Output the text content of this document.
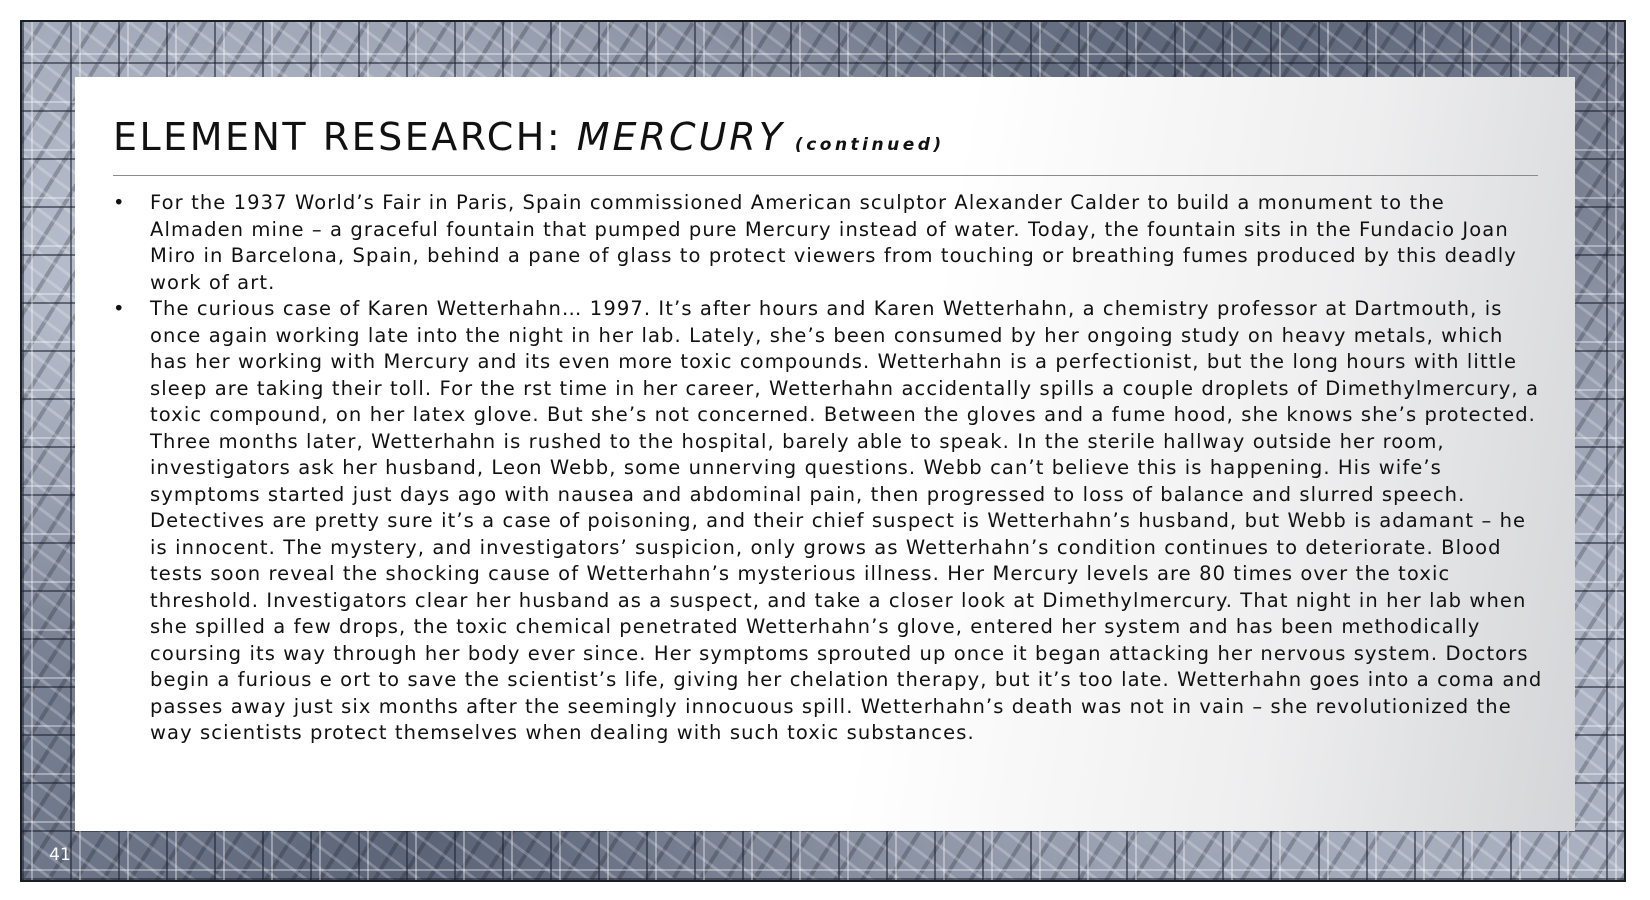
ELEMENT RESEARCH: MERCURY (continued)
•	For the 1937 World’s Fair in Paris, Spain commissioned American sculptor Alexander Calder to build a monument to the Almaden mine – a graceful fountain that pumped pure Mercury instead of water. Today, the fountain sits in the Fundacio Joan Miro in Barcelona, Spain, behind a pane of glass to protect viewers from touching or breathing fumes produced by this deadly work of art.
•	The curious case of Karen Wetterhahn… 1997. It’s after hours and Karen Wetterhahn, a chemistry professor at Dartmouth, is once again working late into the night in her lab. Lately, she’s been consumed by her ongoing study on heavy metals, which has her working with Mercury and its even more toxic compounds. Wetterhahn is a perfectionist, but the long hours with little sleep are taking their toll. For the rst time in her career, Wetterhahn accidentally spills a couple droplets of Dimethylmercury, a toxic compound, on her latex glove. But she’s not concerned. Between the gloves and a fume hood, she knows she’s protected. Three months later, Wetterhahn is rushed to the hospital, barely able to speak. In the sterile hallway outside her room, investigators ask her husband, Leon Webb, some unnerving questions. Webb can’t believe this is happening. His wife’s symptoms started just days ago with nausea and abdominal pain, then progressed to loss of balance and slurred speech. Detectives are pretty sure it’s a case of poisoning, and their chief suspect is Wetterhahn’s husband, but Webb is adamant – he is innocent. The mystery, and investigators’ suspicion, only grows as Wetterhahn’s condition continues to deteriorate. Blood tests soon reveal the shocking cause of Wetterhahn’s mysterious illness. Her Mercury levels are 80 times over the toxic threshold. Investigators clear her husband as a suspect, and take a closer look at Dimethylmercury. That night in her lab when she spilled a few drops, the toxic chemical penetrated Wetterhahn’s glove, entered her system and has been methodically coursing its way through her body ever since. Her symptoms sprouted up once it began attacking her nervous system. Doctors begin a furious e ort to save the scientist’s life, giving her chelation therapy, but it’s too late. Wetterhahn goes into a coma and passes away just six months after the seemingly innocuous spill. Wetterhahn’s death was not in vain – she revolutionized the way scientists protect themselves when dealing with such toxic substances.
41
